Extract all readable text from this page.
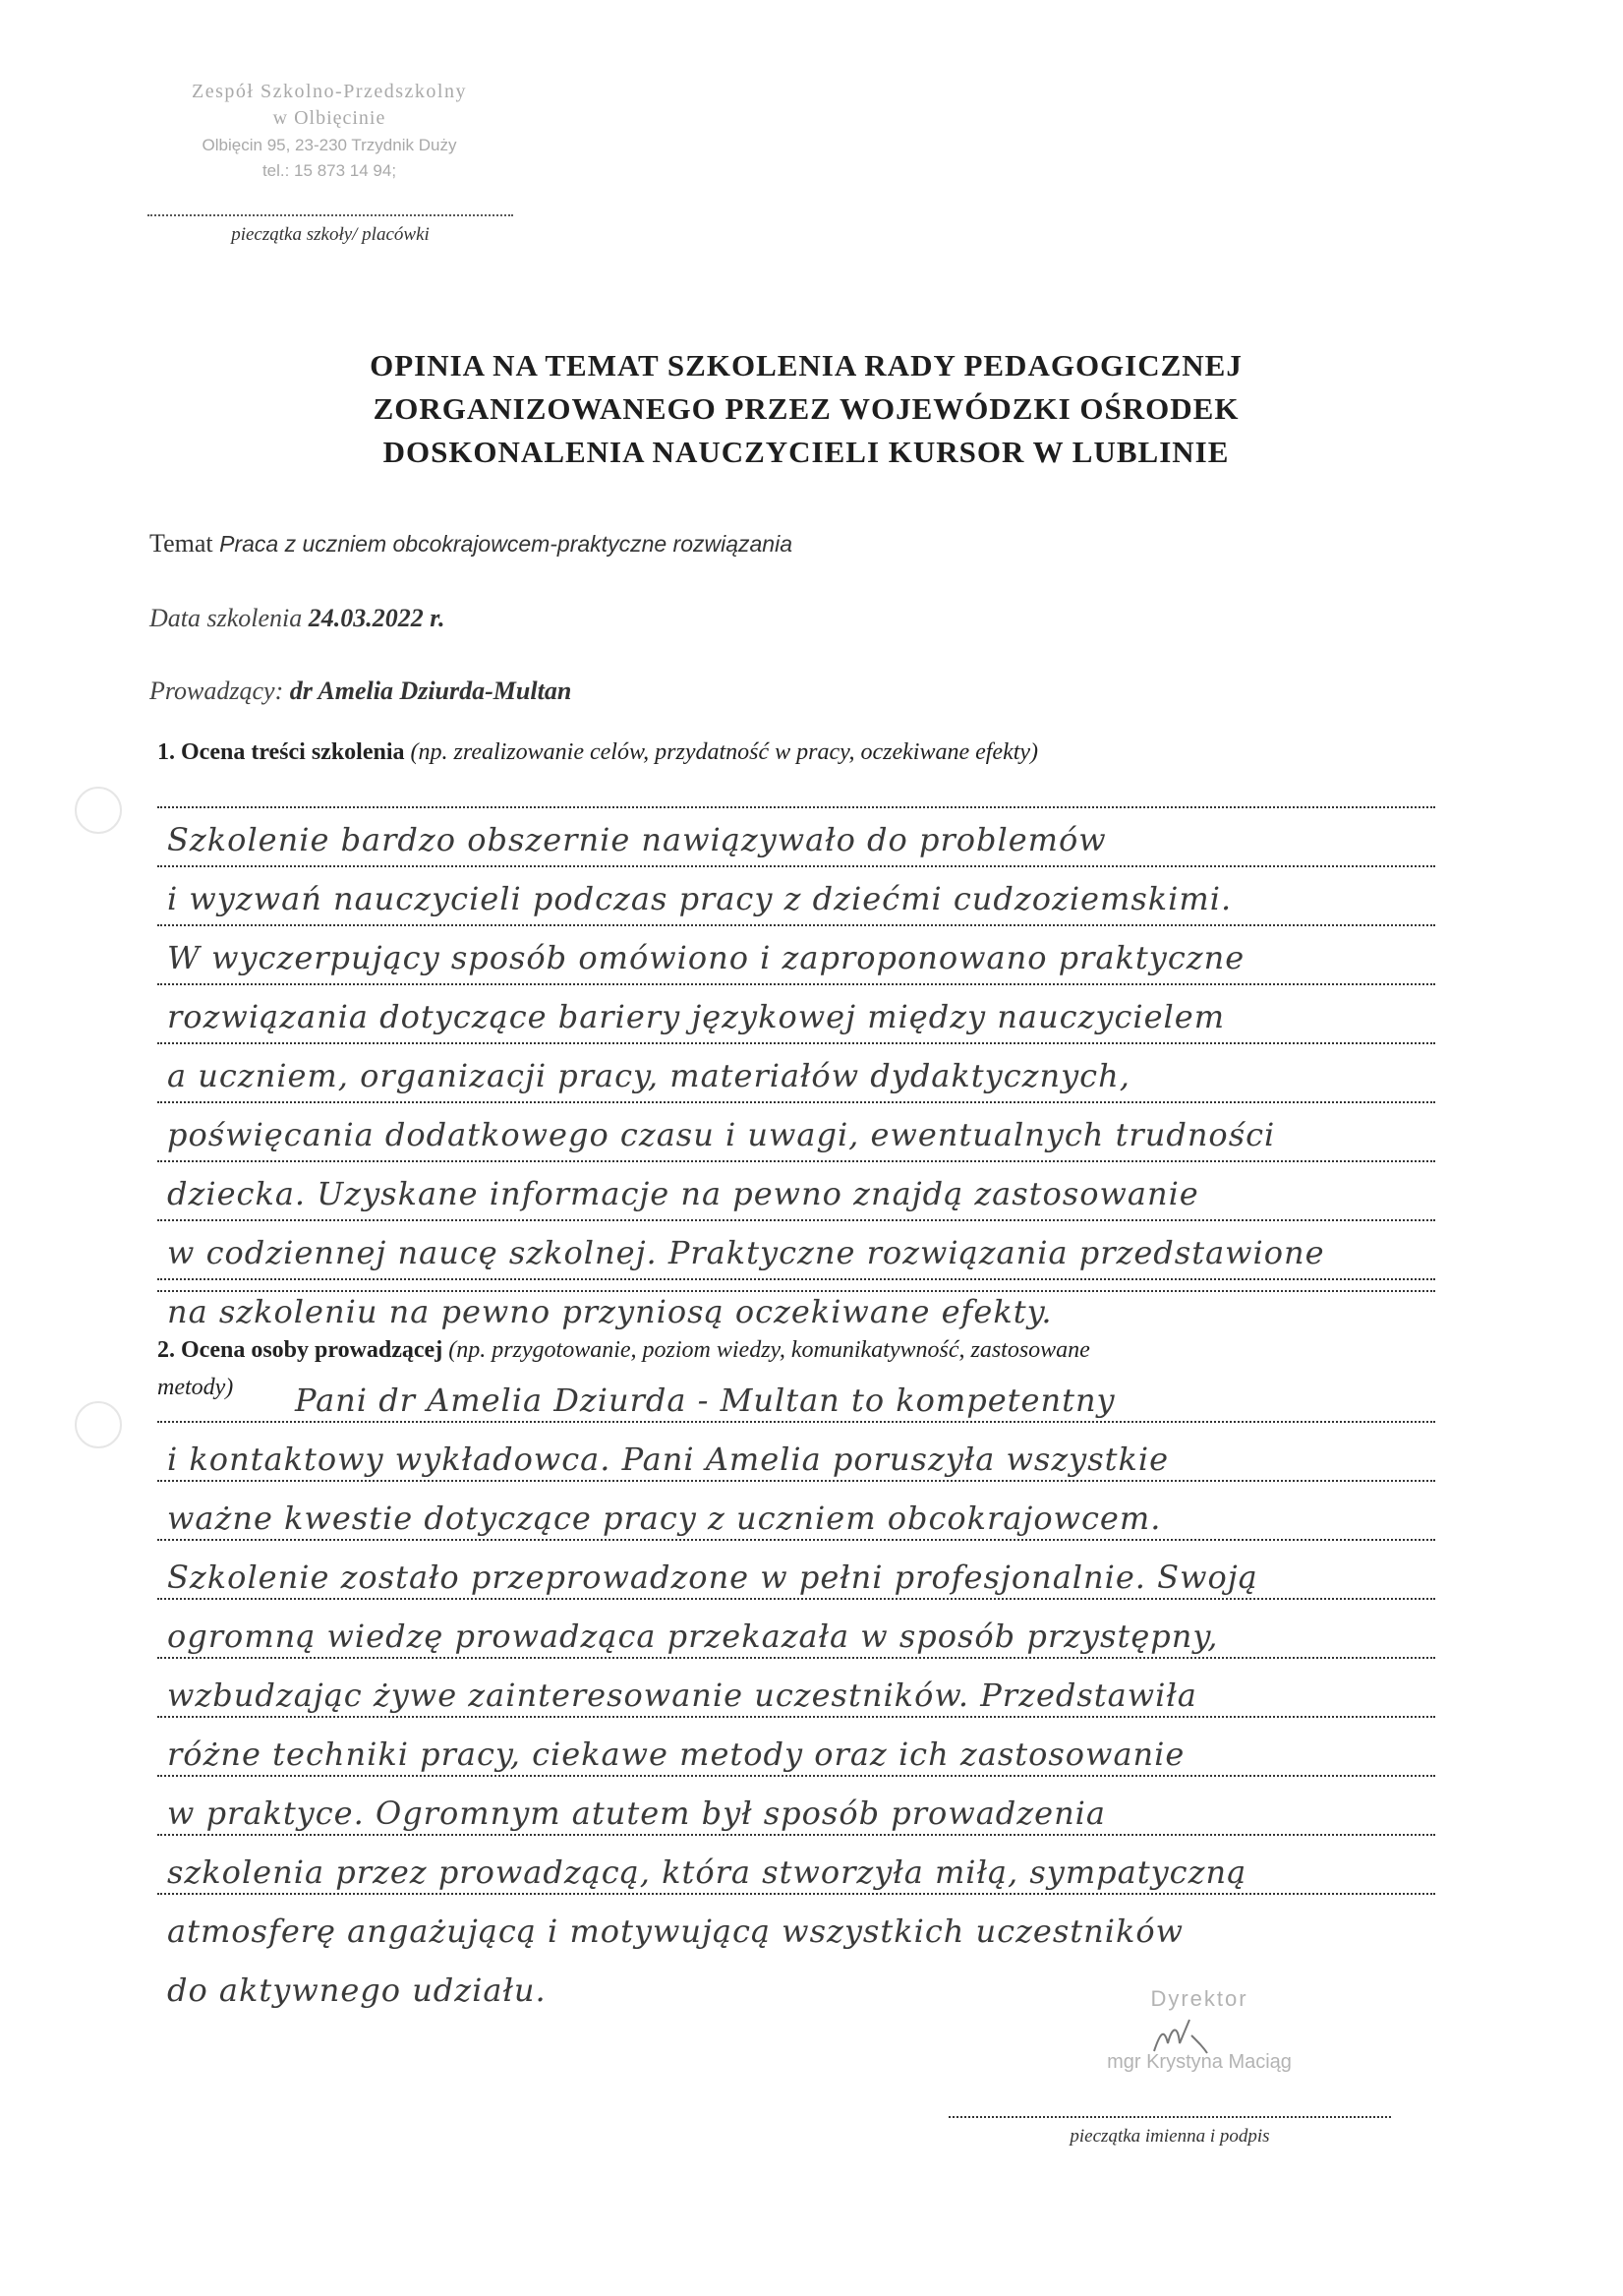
Zespół Szkolno-Przedszkolny
w Olbięcinie
Olbięcin 95, 23-230 Trzydnik Duży
tel.: 15 873 14 94;
pieczątka szkoły/ placówki
OPINIA NA TEMAT SZKOLENIA RADY PEDAGOGICZNEJ
ZORGANIZOWANEGO PRZEZ WOJEWÓDZKI OŚRODEK
DOSKONALENIA NAUCZYCIELI KURSOR W LUBLINIE
Temat Praca z uczniem obcokrajowcem-praktyczne rozwiązania
Data szkolenia 24.03.2022 r.
Prowadzący: dr Amelia Dziurda-Multan
1. Ocena treści szkolenia (np. zrealizowanie celów, przydatność w pracy, oczekiwane efekty)
Szkolenie bardzo obszernie nawiązywało do problemów
i wyzwań nauczycieli podczas pracy z dziećmi cudzoziemskimi.
W wyczerpujący sposób omówiono i zaproponowano praktyczne
rozwiązania dotyczące bariery językowej między nauczycielem
a uczniem, organizacji pracy, materiałów dydaktycznych,
poświęcania dodatkowego czasu i uwagi, ewentualnych trudności
dziecka. Uzyskane informacje na pewno znajdą zastosowanie
w codziennej naucę szkolnej. Praktyczne rozwiązania przedstawione
na szkoleniu na pewno przyniosą oczekiwane efekty.
2. Ocena osoby prowadzącej (np. przygotowanie, poziom wiedzy, komunikatywność, zastosowane
metody) Pani dr Amelia Dziurda - Multan to kompetentny
i kontaktowy wykładowca. Pani Amelia poruszyła wszystkie
ważne kwestie dotyczące pracy z uczniem obcokrajowcem.
Szkolenie zostało przeprowadzone w pełni profesjonalnie. Swoją
ogromną wiedzę prowadząca przekazała w sposób przystępny,
wzbudzając żywe zainteresowanie uczestników. Przedstawiła
różne techniki pracy, ciekawe metody oraz ich zastosowanie
w praktyce. Ogromnym atutem był sposób prowadzenia
szkolenia przez prowadzącą, która stworzyła miłą, sympatyczną
atmosferę angażującą i motywującą wszystkich uczestników
do aktywnego udziału.	Dyrektor
mgr Krystyna Maciąg
pieczątka imienna i podpis
